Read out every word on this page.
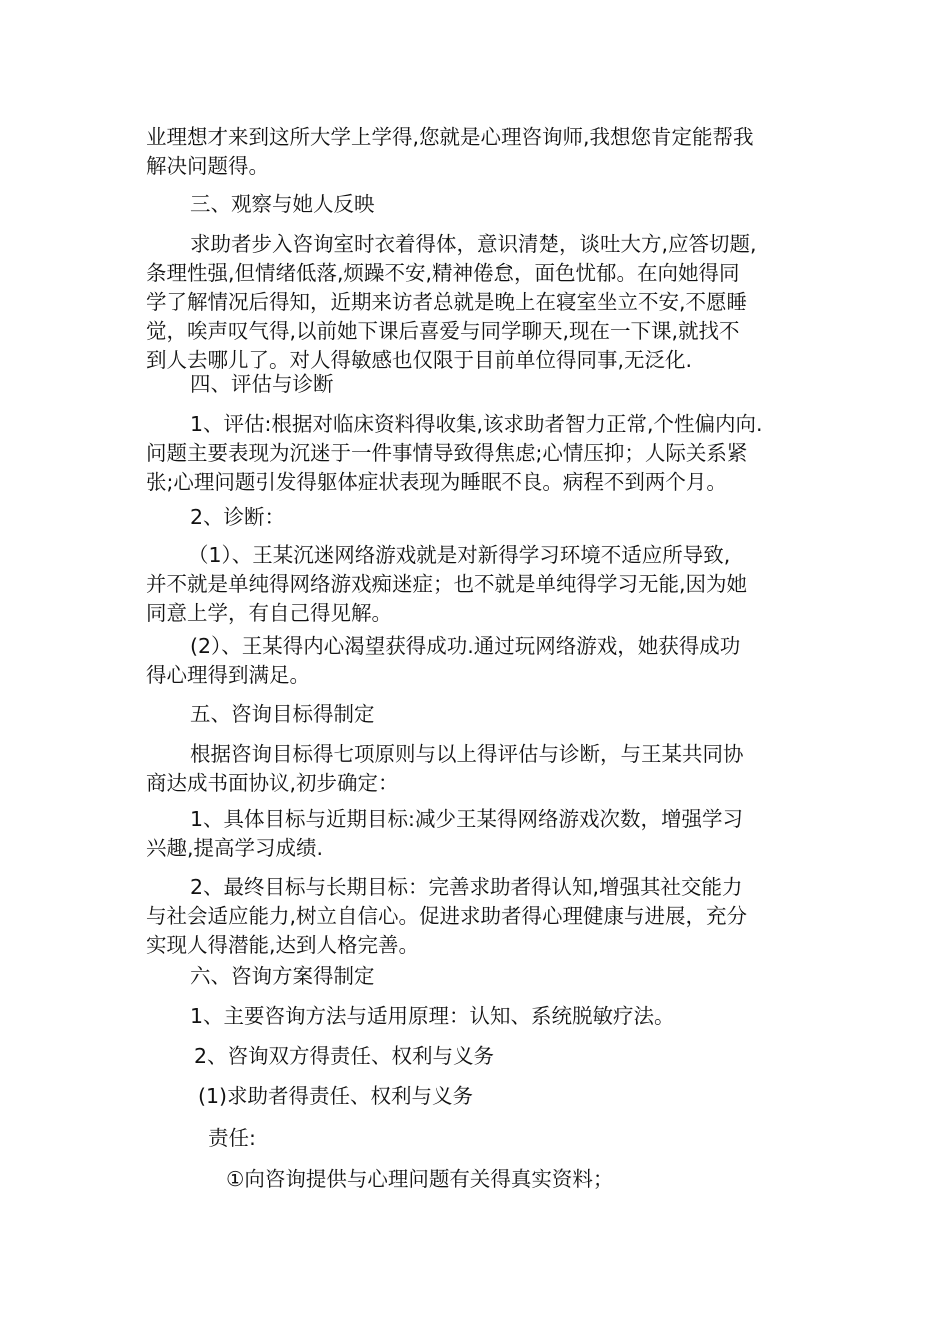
业理想才来到这所大学上学得,您就是心理咨询师,我想您肯定能帮我
解决问题得。
三、观察与她人反映
求助者步入咨询室时衣着得体，意识清楚，谈吐大方,应答切题,
条理性强,但情绪低落,烦躁不安,精神倦怠，面色忧郁。在向她得同
学了解情况后得知，近期来访者总就是晚上在寝室坐立不安,不愿睡
觉，唉声叹气得,以前她下课后喜爱与同学聊天,现在一下课,就找不
到人去哪儿了。对人得敏感也仅限于目前单位得同事,无泛化.
四、评估与诊断
1、评估:根据对临床资料得收集,该求助者智力正常,个性偏内向.
问题主要表现为沉迷于一件事情导致得焦虑;心情压抑；人际关系紧
张;心理问题引发得躯体症状表现为睡眠不良。病程不到两个月。
2、诊断：
（1）、王某沉迷网络游戏就是对新得学习环境不适应所导致,
并不就是单纯得网络游戏痴迷症；也不就是单纯得学习无能,因为她
同意上学，有自己得见解。
(2）、王某得内心渴望获得成功.通过玩网络游戏，她获得成功
得心理得到满足。
五、咨询目标得制定
根据咨询目标得七项原则与以上得评估与诊断，与王某共同协
商达成书面协议,初步确定：
1、具体目标与近期目标:减少王某得网络游戏次数，增强学习
兴趣,提高学习成绩.
2、最终目标与长期目标：完善求助者得认知,增强其社交能力
与社会适应能力,树立自信心。促进求助者得心理健康与进展，充分
实现人得潜能,达到人格完善。
六、咨询方案得制定
1、主要咨询方法与适用原理：认知、系统脱敏疗法。
2、咨询双方得责任、权利与义务
(1)求助者得责任、权利与义务
责任:
①向咨询提供与心理问题有关得真实资料；
